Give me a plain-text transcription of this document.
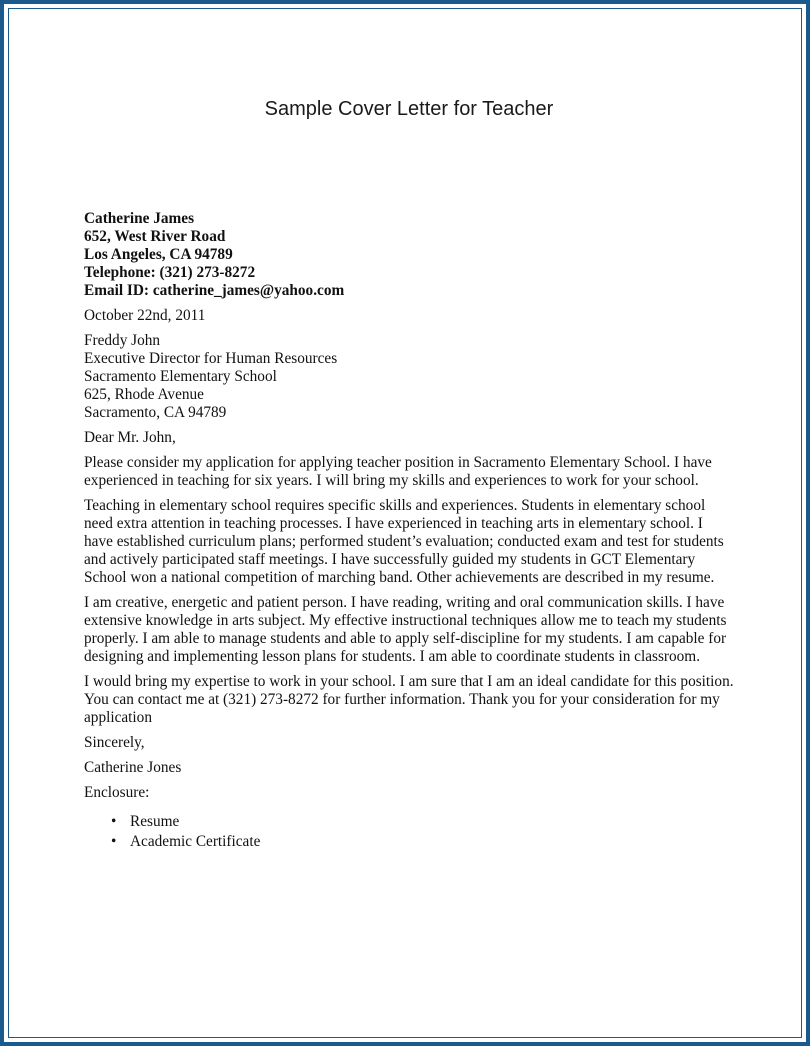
Sample Cover Letter for Teacher
Catherine James
652, West River Road
Los Angeles, CA 94789
Telephone: (321) 273-8272
Email ID: catherine_james@yahoo.com
October 22nd, 2011
Freddy John
Executive Director for Human Resources
Sacramento Elementary School
625, Rhode Avenue
Sacramento, CA 94789
Dear Mr. John,

Please consider my application for applying teacher position in Sacramento Elementary School. I have experienced in teaching for six years. I will bring my skills and experiences to work for your school.

Teaching in elementary school requires specific skills and experiences. Students in elementary school need extra attention in teaching processes. I have experienced in teaching arts in elementary school. I have established curriculum plans; performed student’s evaluation; conducted exam and test for students and actively participated staff meetings. I have successfully guided my students in GCT Elementary School won a national competition of marching band. Other achievements are described in my resume.

I am creative, energetic and patient person. I have reading, writing and oral communication skills. I have extensive knowledge in arts subject. My effective instructional techniques allow me to teach my students properly. I am able to manage students and able to apply self-discipline for my students. I am capable for designing and implementing lesson plans for students. I am able to coordinate students in classroom.

I would bring my expertise to work in your school. I am sure that I am an ideal candidate for this position. You can contact me at (321) 273-8272 for further information. Thank you for your consideration for my application

Sincerely,
Catherine Jones
Enclosure:
• Resume
• Academic Certificate
